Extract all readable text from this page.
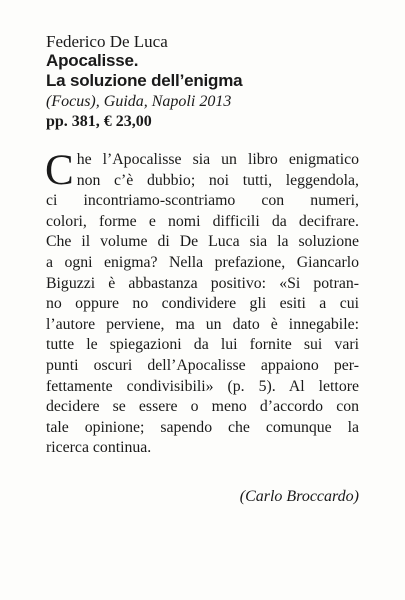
Federico De Luca

Apocalisse.

La soluzione dell’enigma

(Focus), Guida, Napoli 2013

pp. 381, € 23,00

C he l’Apocalisse sia un libro enigmatico
non c’è dubbio; noi tutti, leggendola,
ci incontriamo-scontriamo con numeri,
colori, forme e nomi difficili da decifrare.
Che il volume di De Luca sia la soluzione
a ogni enigma? Nella prefazione, Giancarlo
Biguzzi è abbastanza positivo: «Si potran-
no oppure no condividere gli esiti a cui
l’autore perviene, ma un dato è innegabile:
tutte le spiegazioni da lui fornite sui vari
punti oscuri dell’Apocalisse appaiono per-
fettamente condivisibili» (p. 5). Al lettore
decidere se essere o meno d’accordo con
tale opinione; sapendo che comunque la
ricerca continua.

(Carlo Broccardo)
